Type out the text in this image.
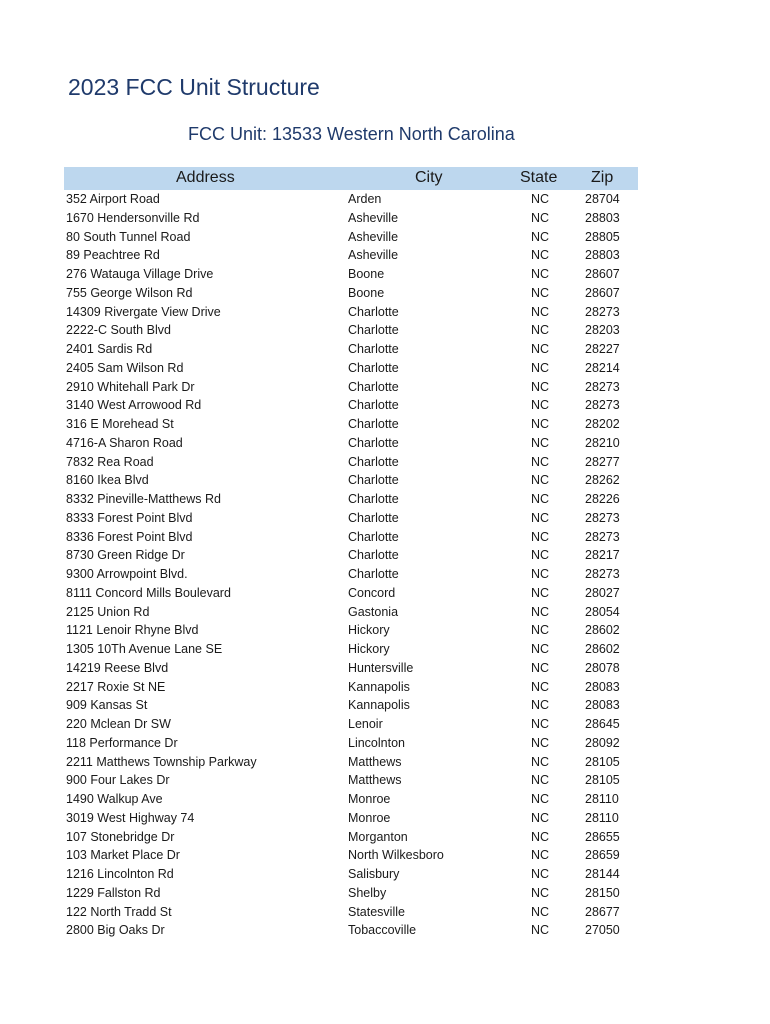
2023 FCC Unit Structure
FCC Unit: 13533 Western North Carolina
Address	City	State Zip
352 Airport Road	Arden	NC	28704
1670 Hendersonville Rd	Asheville	NC	28803
80 South Tunnel Road	Asheville	NC	28805
89 Peachtree Rd	Asheville	NC	28803
276 Watauga Village Drive	Boone	NC	28607
755 George Wilson Rd	Boone	NC	28607
14309 Rivergate View Drive	Charlotte	NC	28273
2222-C South Blvd	Charlotte	NC	28203
2401 Sardis Rd	Charlotte	NC	28227
2405 Sam Wilson Rd	Charlotte	NC	28214
2910 Whitehall Park Dr	Charlotte	NC	28273
3140 West Arrowood Rd	Charlotte	NC	28273
316 E Morehead St	Charlotte	NC	28202
4716-A Sharon Road	Charlotte	NC	28210
7832 Rea Road	Charlotte	NC	28277
8160 Ikea Blvd	Charlotte	NC	28262
8332 Pineville-Matthews Rd	Charlotte	NC	28226
8333 Forest Point Blvd	Charlotte	NC	28273
8336 Forest Point Blvd	Charlotte	NC	28273
8730 Green Ridge Dr	Charlotte	NC	28217
9300 Arrowpoint Blvd.	Charlotte	NC	28273
8111 Concord Mills Boulevard	Concord	NC	28027
2125 Union Rd	Gastonia	NC	28054
1121 Lenoir Rhyne Blvd	Hickory	NC	28602
1305 10Th Avenue Lane SE	Hickory	NC	28602
14219 Reese Blvd	Huntersville	NC	28078
2217 Roxie St NE	Kannapolis	NC	28083
909 Kansas St	Kannapolis	NC	28083
220 Mclean Dr SW	Lenoir	NC	28645
118 Performance Dr	Lincolnton	NC	28092
2211 Matthews Township Parkway	Matthews	NC	28105
900 Four Lakes Dr	Matthews	NC	28105
1490 Walkup Ave	Monroe	NC	28110
3019 West Highway 74	Monroe	NC	28110
107 Stonebridge Dr	Morganton	NC	28655
103 Market Place Dr	North Wilkesboro	NC	28659
1216 Lincolnton Rd	Salisbury	NC	28144
1229 Fallston Rd	Shelby	NC	28150
122 North Tradd St	Statesville	NC	28677
2800 Big Oaks Dr	Tobaccoville	NC	27050
